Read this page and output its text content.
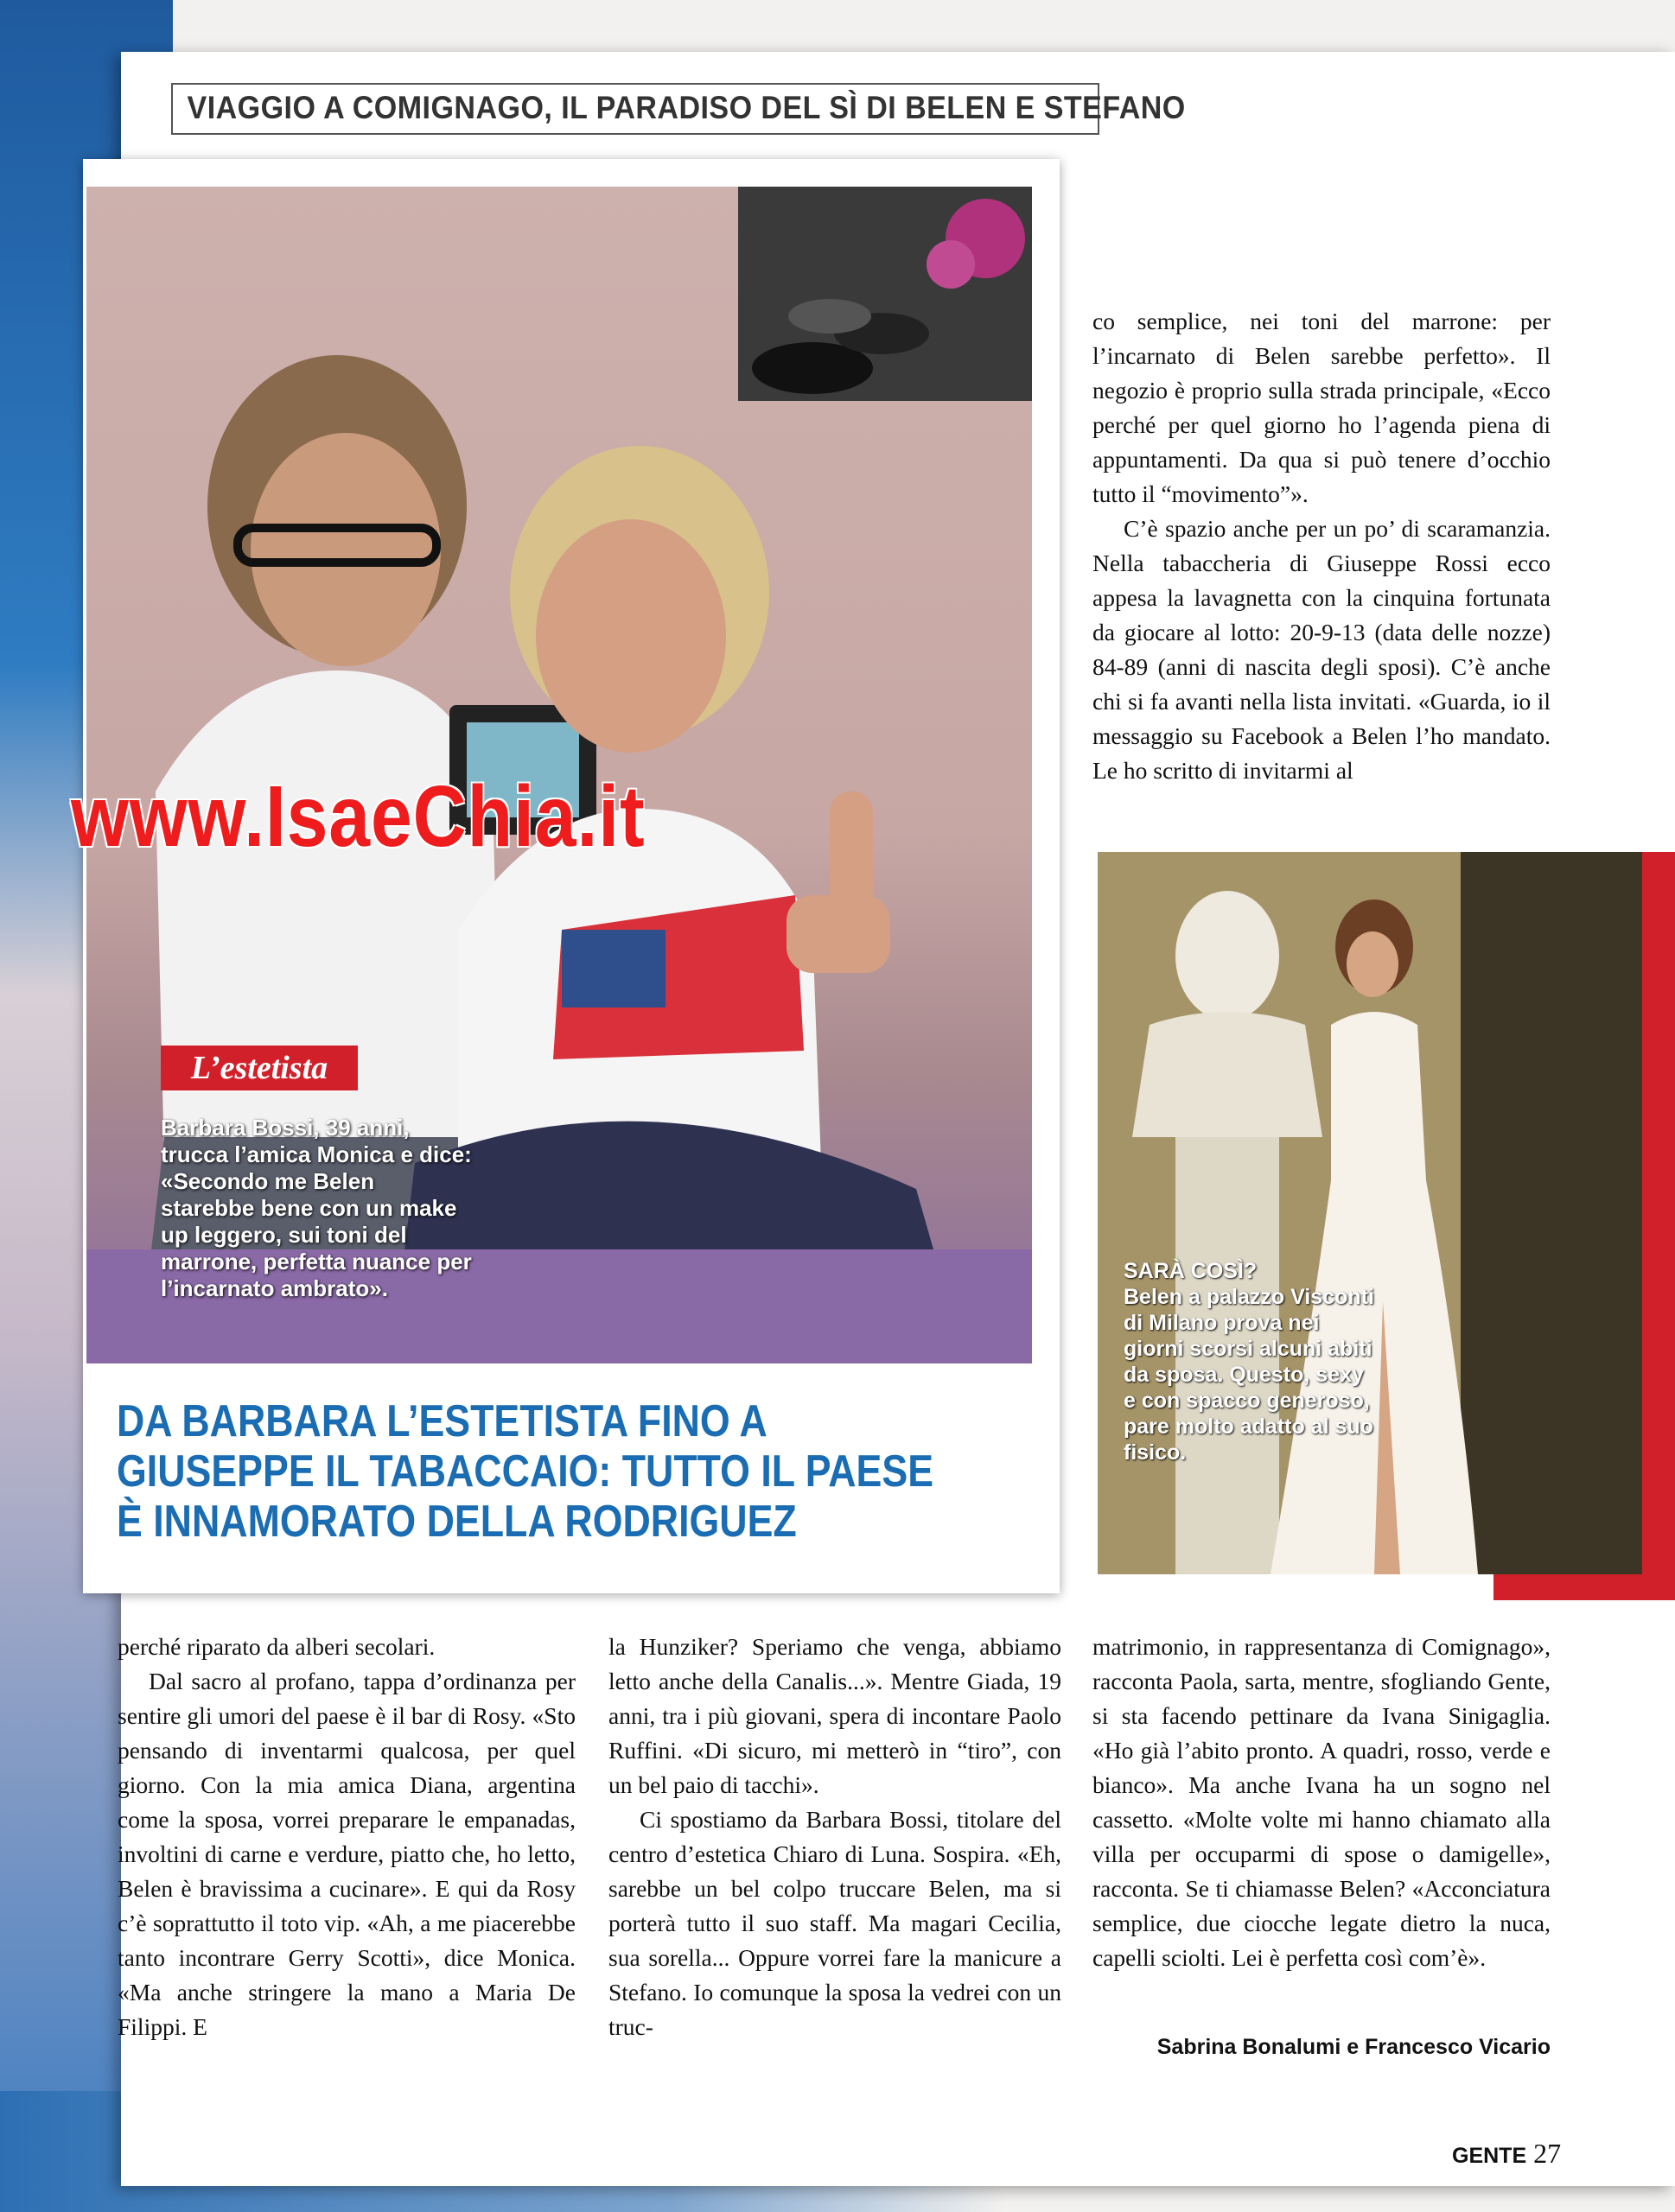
VIAGGIO A COMIGNAGO, IL PARADISO DEL SÌ DI BELEN E STEFANO
www.IsaeChia.it
L’estetista
Barbara Bossi, 39 anni, trucca l’amica Monica e dice: «Secondo me Belen starebbe bene con un make up leggero, sui toni del marrone, perfetta nuance per l’incarnato ambrato».
DA BARBARA L’ESTETISTA FINO A
GIUSEPPE IL TABACCAIO: TUTTO IL PAESE
È INNAMORATO DELLA RODRIGUEZ

co semplice, nei toni del marrone: per l’incarnato di Belen sarebbe perfetto». Il negozio è proprio sulla strada principale, «Ecco perché per quel giorno ho l’agenda piena di appuntamenti. Da qua si può tenere d’occhio tutto il “movimento”».

C’è spazio anche per un po’ di scaramanzia. Nella tabaccheria di Giuseppe Rossi ecco appesa la lavagnetta con la cinquina fortunata da giocare al lotto: 20-9-13 (data delle nozze) 84-89 (anni di nascita degli sposi). C’è anche chi si fa avanti nella lista invitati. «Guarda, io il messaggio su Facebook a Belen l’ho mandato. Le ho scritto di invitarmi al

SARÀ COSÌ?
Belen a palazzo Visconti di Milano prova nei giorni scorsi alcuni abiti da sposa. Questo, sexy e con spacco generoso, pare molto adatto al suo fisico.

perché riparato da alberi secolari.

Dal sacro al profano, tappa d’ordinanza per sentire gli umori del paese è il bar di Rosy. «Sto pensando di inventarmi qualcosa, per quel giorno. Con la mia amica Diana, argentina come la sposa, vorrei preparare le empanadas, involtini di carne e verdure, piatto che, ho letto, Belen è bravissima a cucinare». E qui da Rosy c’è soprattutto il toto vip. «Ah, a me piacerebbe tanto incontrare Gerry Scotti», dice Monica. «Ma anche stringere la mano a Maria De Filippi. E

la Hunziker? Speriamo che venga, abbiamo letto anche della Canalis...». Mentre Giada, 19 anni, tra i più giovani, spera di incontare Paolo Ruffini. «Di sicuro, mi metterò in “tiro”, con un bel paio di tacchi».

Ci spostiamo da Barbara Bossi, titolare del centro d’estetica Chiaro di Luna. Sospira. «Eh, sarebbe un bel colpo truccare Belen, ma si porterà tutto il suo staff. Ma magari Cecilia, sua sorella... Oppure vorrei fare la manicure a Stefano. Io comunque la sposa la vedrei con un truc-

matrimonio, in rappresentanza di Comignago», racconta Paola, sarta, mentre, sfogliando Gente, si sta facendo pettinare da Ivana Sinigaglia. «Ho già l’abito pronto. A quadri, rosso, verde e bianco». Ma anche Ivana ha un sogno nel cassetto. «Molte volte mi hanno chiamato alla villa per occuparmi di spose o damigelle», racconta. Se ti chiamasse Belen? «Acconciatura semplice, due ciocche legate dietro la nuca, capelli sciolti. Lei è perfetta così com’è».

Sabrina Bonalumi e Francesco Vicario
GENTE 27
